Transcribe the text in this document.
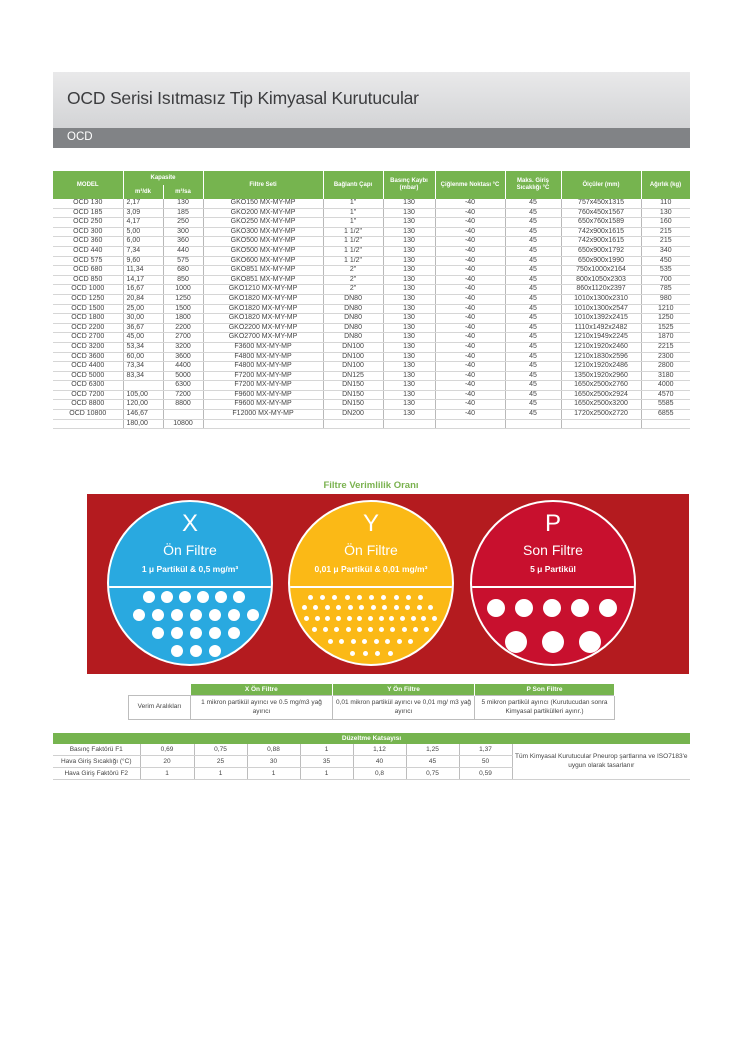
OCD Serisi Isıtmasız Tip Kimyasal Kurutucular
OCD
MODEL	Kapasite		Filtre Seti	Bağlantı Çapı	Basınç Kaybı (mbar)	Çiğlenme Noktası °C	Maks. Giriş Sıcaklığı °C	Ölçüler (mm)	Ağırlık (kg)
	m³/dk	m³/sa							
OCD 130	2,17	130	GKO150 MX-MY-MP	1"	130	-40	45	757x450x1315	110
OCD 185	3,09	185	GKO200 MX-MY-MP	1"	130	-40	45	760x450x1567	130
OCD 250	4,17	250	GKO250 MX-MY-MP	1"	130	-40	45	650x760x1589	160
OCD 300	5,00	300	GKO300 MX-MY-MP	1 1/2"	130	-40	45	742x900x1615	215
OCD 360	6,00	360	GKO500 MX-MY-MP	1 1/2"	130	-40	45	742x900x1615	215
OCD 440	7,34	440	GKO500 MX-MY-MP	1 1/2"	130	-40	45	650x900x1792	340
OCD 575	9,60	575	GKO600 MX-MY-MP	1 1/2"	130	-40	45	650x900x1990	450
OCD 680	11,34	680	GKO851 MX-MY-MP	2"	130	-40	45	750x1000x2164	535
OCD 850	14,17	850	GKO851 MX-MY-MP	2"	130	-40	45	800x1050x2303	700
OCD 1000	16,67	1000	GKO1210 MX-MY-MP	2"	130	-40	45	860x1120x2397	785
OCD 1250	20,84	1250	GKO1820 MX-MY-MP	DN80	130	-40	45	1010x1300x2310	980
OCD 1500	25,00	1500	GKO1820 MX-MY-MP	DN80	130	-40	45	1010x1300x2547	1210
OCD 1800	30,00	1800	GKO1820 MX-MY-MP	DN80	130	-40	45	1010x1392x2415	1250
OCD 2200	36,67	2200	GKO2200 MX-MY-MP	DN80	130	-40	45	1110x1492x2482	1525
OCD 2700	45,00	2700	GKO2700 MX-MY-MP	DN80	130	-40	45	1210x1949x2245	1870
OCD 3200	53,34	3200	F3600 MX-MY-MP	DN100	130	-40	45	1210x1920x2460	2215
OCD 3600	60,00	3600	F4800 MX-MY-MP	DN100	130	-40	45	1210x1830x2596	2300
OCD 4400	73,34	4400	F4800 MX-MY-MP	DN100	130	-40	45	1210x1920x2486	2800
OCD 5000	83,34	5000	F7200 MX-MY-MP	DN125	130	-40	45	1350x1920x2960	3180
OCD 6300		6300	F7200 MX-MY-MP	DN150	130	-40	45	1650x2500x2760	4000
OCD 7200	105,00	7200	F9600 MX-MY-MP	DN150	130	-40	45	1650x2500x2924	4570
OCD 8800	120,00	8800	F9600 MX-MY-MP	DN150	130	-40	45	1650x2500x3200	5585
OCD 10800	146,67		F12000 MX-MY-MP	DN200	130	-40	45	1720x2500x2720	6855
	180,00	10800							
Filtre Verimlilik Oranı
X
Ön Filtre
1 μ Partikül & 0,5 mg/m³
Y
Ön Filtre
0,01 μ Partikül & 0,01 mg/m³
P
Son Filtre
5 μ Partikül
	X Ön Filtre	Y Ön Filtre	P Son Filtre
Verim Aralıkları	1 mikron partikül ayırıcı ve 0.5 mg/m3 yağ ayırıcı	0,01 mikron partikül ayırıcı ve 0,01 mg/ m3 yağ ayırıcı	5 mikron partikül ayırıcı (Kurutucudan sonra Kimyasal partikülleri ayırır.)
Düzeltme Katsayısı								
Basınç Faktörü F1	0,69	0,75	0,88	1	1,12	1,25	1,37	Tüm Kimyasal Kurutucular Pneurop şartlarına ve ISO7183'e uygun olarak tasarlanır
Hava Giriş Sıcaklığı (°C)	20	25	30	35	40	45	50	
Hava Giriş Faktörü F2	1	1	1	1	0,8	0,75	0,59	
